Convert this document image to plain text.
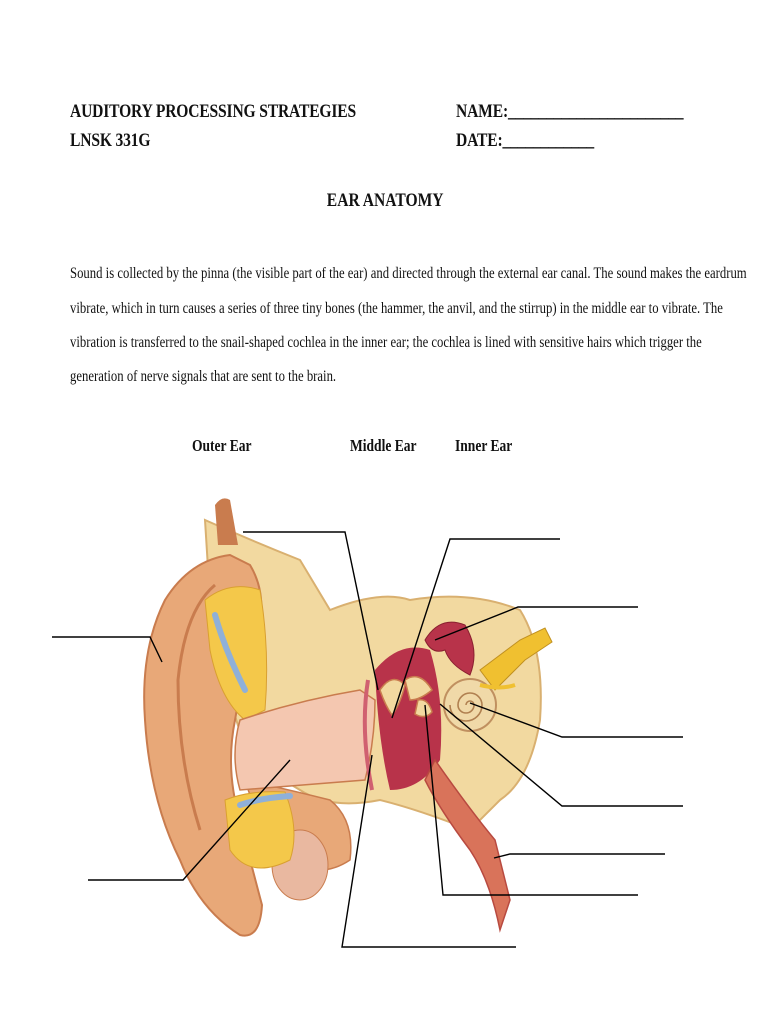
AUDITORY PROCESSING STRATEGIES
LNSK 331G
NAME:_______________________
DATE:____________
EAR ANATOMY
Sound is collected by the pinna (the visible part of the ear) and directed through the external ear canal. The sound makes the eardrum
vibrate, which in turn causes a series of three tiny bones (the hammer, the anvil, and the stirrup) in the middle ear to vibrate. The
vibration is transferred to the snail-shaped cochlea in the inner ear; the cochlea is lined with sensitive hairs which trigger the
generation of nerve signals that are sent to the brain.
Outer Ear	Middle Ear	Inner Ear
